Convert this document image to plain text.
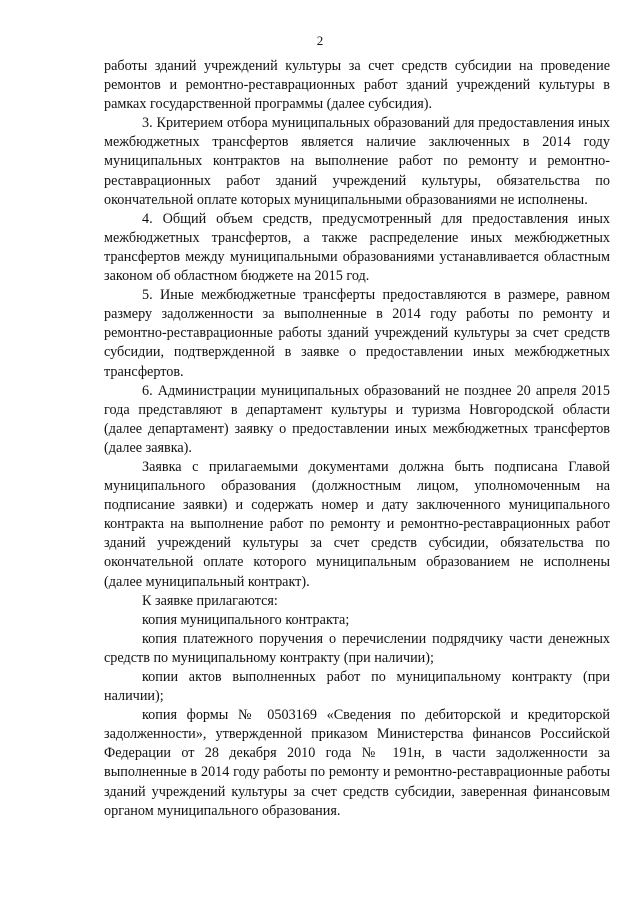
2

работы зданий учреждений культуры за счет средств субсидии на проведение ремонтов и ремонтно-реставрационных работ зданий учреждений культуры в рамках государственной программы (далее субсидия).

3. Критерием отбора муниципальных образований для предоставления иных межбюджетных трансфертов является наличие заключенных в 2014 году муниципальных контрактов на выполнение работ по ремонту и ремонтно-реставрационных работ зданий учреждений культуры, обязательства по окончательной оплате которых муниципальными образованиями не исполнены.

4. Общий объем средств, предусмотренный для предоставления иных межбюджетных трансфертов, а также распределение иных межбюджетных трансфертов между муниципальными образованиями устанавливается областным законом об областном бюджете на 2015 год.

5. Иные межбюджетные трансферты предоставляются в размере, равном размеру задолженности за выполненные в 2014 году работы по ремонту и ремонтно-реставрационные работы зданий учреждений культуры за счет средств субсидии, подтвержденной в заявке о предоставлении иных межбюджетных трансфертов.

6. Администрации муниципальных образований не позднее 20 апреля 2015 года представляют в департамент культуры и туризма Новгородской области (далее департамент) заявку о предоставлении иных межбюджетных трансфертов (далее заявка).

Заявка с прилагаемыми документами должна быть подписана Главой муниципального образования (должностным лицом, уполномоченным на подписание заявки) и содержать номер и дату заключенного муниципального контракта на выполнение работ по ремонту и ремонтно-реставрационных работ зданий учреждений культуры за счет средств субсидии, обязательства по окончательной оплате которого муниципальным образованием не исполнены (далее муниципальный контракт).

К заявке прилагаются:

копия муниципального контракта;

копия платежного поручения о перечислении подрядчику части денежных средств по муниципальному контракту (при наличии);

копии актов выполненных работ по муниципальному контракту (при наличии);

копия формы № 0503169 «Сведения по дебиторской и кредиторской задолженности», утвержденной приказом Министерства финансов Российской Федерации от 28 декабря 2010 года № 191н, в части задолженности за выполненные в 2014 году работы по ремонту и ремонтно-реставрационные работы зданий учреждений культуры за счет средств субсидии, заверенная финансовым органом муниципального образования.
